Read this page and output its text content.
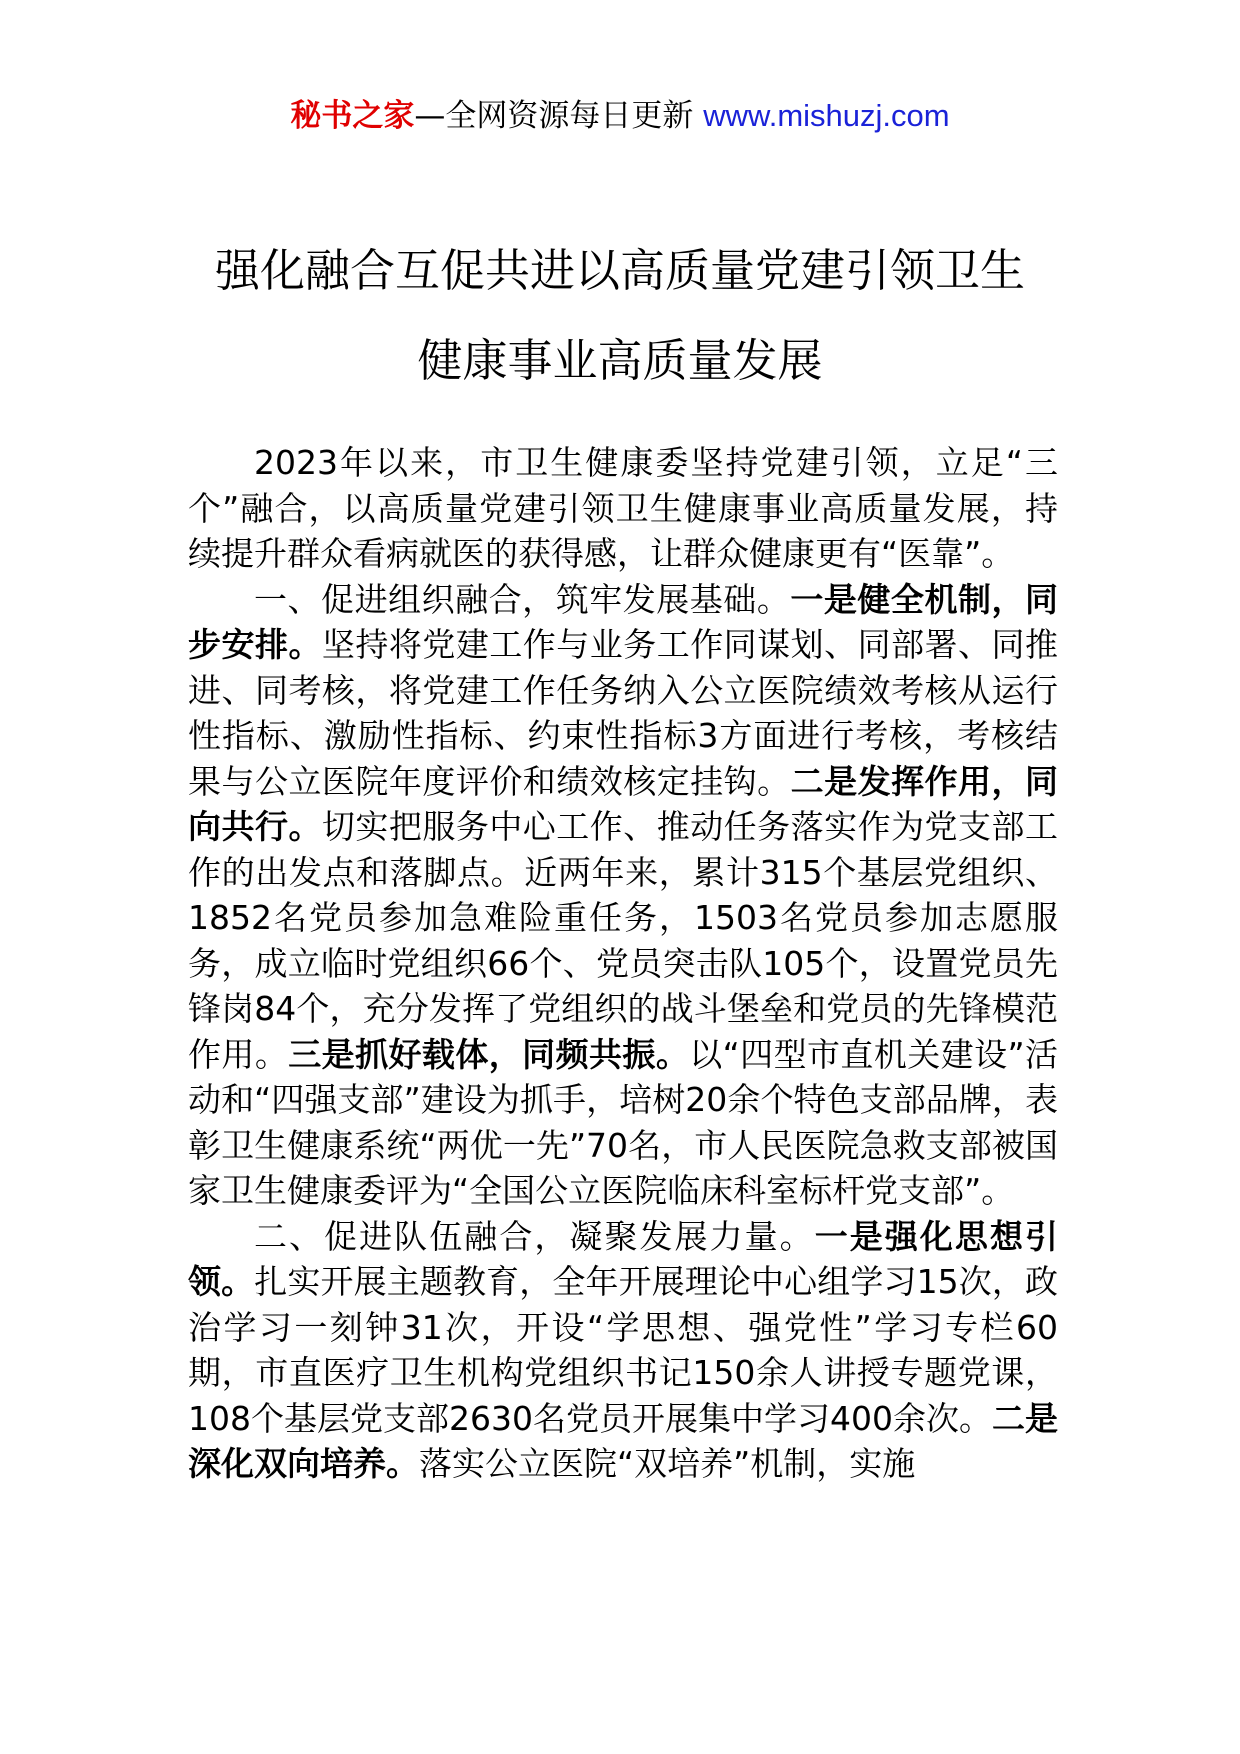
秘书之家—全网资源每日更新 www.mishuzj.com
强化融合互促共进以高质量党建引领卫生
健康事业高质量发展

2023年以来，市卫生健康委坚持党建引领，立足“三个”融合，以高质量党建引领卫生健康事业高质量发展，持续提升群众看病就医的获得感，让群众健康更有“医靠”。

一、促进组织融合，筑牢发展基础。一是健全机制，同步安排。坚持将党建工作与业务工作同谋划、同部署、同推进、同考核，将党建工作任务纳入公立医院绩效考核从运行性指标、激励性指标、约束性指标3方面进行考核，考核结果与公立医院年度评价和绩效核定挂钩。二是发挥作用，同向共行。切实把服务中心工作、推动任务落实作为党支部工作的出发点和落脚点。近两年来，累计315个基层党组织、1852名党员参加急难险重任务，1503名党员参加志愿服务，成立临时党组织66个、党员突击队105个，设置党员先锋岗84个，充分发挥了党组织的战斗堡垒和党员的先锋模范作用。三是抓好载体，同频共振。以“四型市直机关建设”活动和“四强支部”建设为抓手，培树20余个特色支部品牌，表彰卫生健康系统“两优一先”70名，市人民医院急救支部被国家卫生健康委评为“全国公立医院临床科室标杆党支部”。

二、促进队伍融合，凝聚发展力量。一是强化思想引领。扎实开展主题教育，全年开展理论中心组学习15次，政治学习一刻钟31次，开设“学思想、强党性”学习专栏60期，市直医疗卫生机构党组织书记150余人讲授专题党课，108个基层党支部2630名党员开展集中学习400余次。二是深化双向培养。落实公立医院“双培养”机制，实施
